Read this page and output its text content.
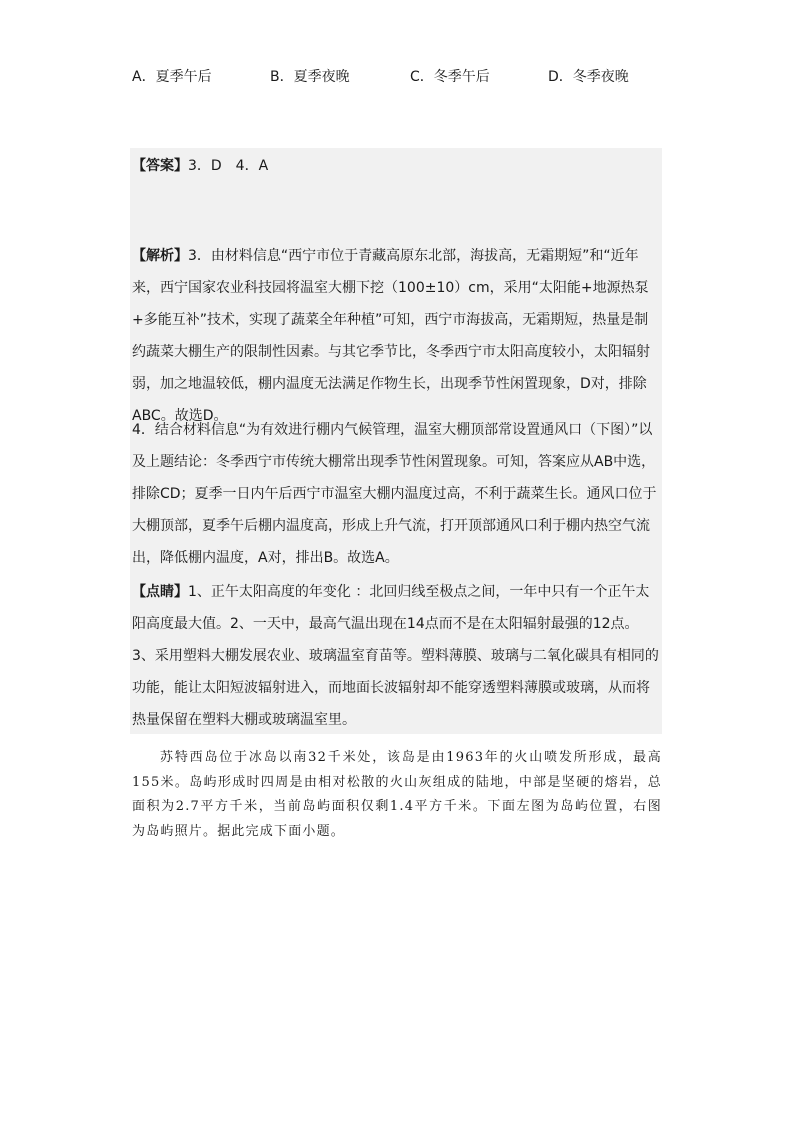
A．夏季午后	B．夏季夜晚	C．冬季午后	D．冬季夜晚

【答案】3．D　4．A

【解析】3．由材料信息“西宁市位于青藏高原东北部，海拔高，无霜期短”和“近年来，西宁国家农业科技园将温室大棚下挖（100±10）cm，采用“太阳能+地源热泵+多能互补”技术，实现了蔬菜全年种植”可知，西宁市海拔高，无霜期短，热量是制约蔬菜大棚生产的限制性因素。与其它季节比，冬季西宁市太阳高度较小，太阳辐射弱，加之地温较低，棚内温度无法满足作物生长，出现季节性闲置现象，D对，排除ABC。故选D。

4．结合材料信息“为有效进行棚内气候管理，温室大棚顶部常设置通风口（下图）”以及上题结论：冬季西宁市传统大棚常出现季节性闲置现象。可知，答案应从AB中选，排除CD；夏季一日内午后西宁市温室大棚内温度过高，不利于蔬菜生长。通风口位于大棚顶部，夏季午后棚内温度高，形成上升气流，打开顶部通风口利于棚内热空气流出，降低棚内温度，A对，排出B。故选A。

【点睛】1、正午太阳高度的年变化 ：北回归线至极点之间，一年中只有一个正午太阳高度最大值。2、一天中，最高气温出现在14点而不是在太阳辐射最强的12点。3、采用塑料大棚发展农业、玻璃温室育苗等。塑料薄膜、玻璃与二氧化碳具有相同的功能，能让太阳短波辐射进入，而地面长波辐射却不能穿透塑料薄膜或玻璃，从而将热量保留在塑料大棚或玻璃温室里。

苏特西岛位于冰岛以南32千米处，该岛是由1963年的火山喷发所形成，最高155米。岛屿形成时四周是由相对松散的火山灰组成的陆地，中部是坚硬的熔岩，总面积为2.7平方千米，当前岛屿面积仅剩1.4平方千米。下面左图为岛屿位置，右图为岛屿照片。据此完成下面小题。
